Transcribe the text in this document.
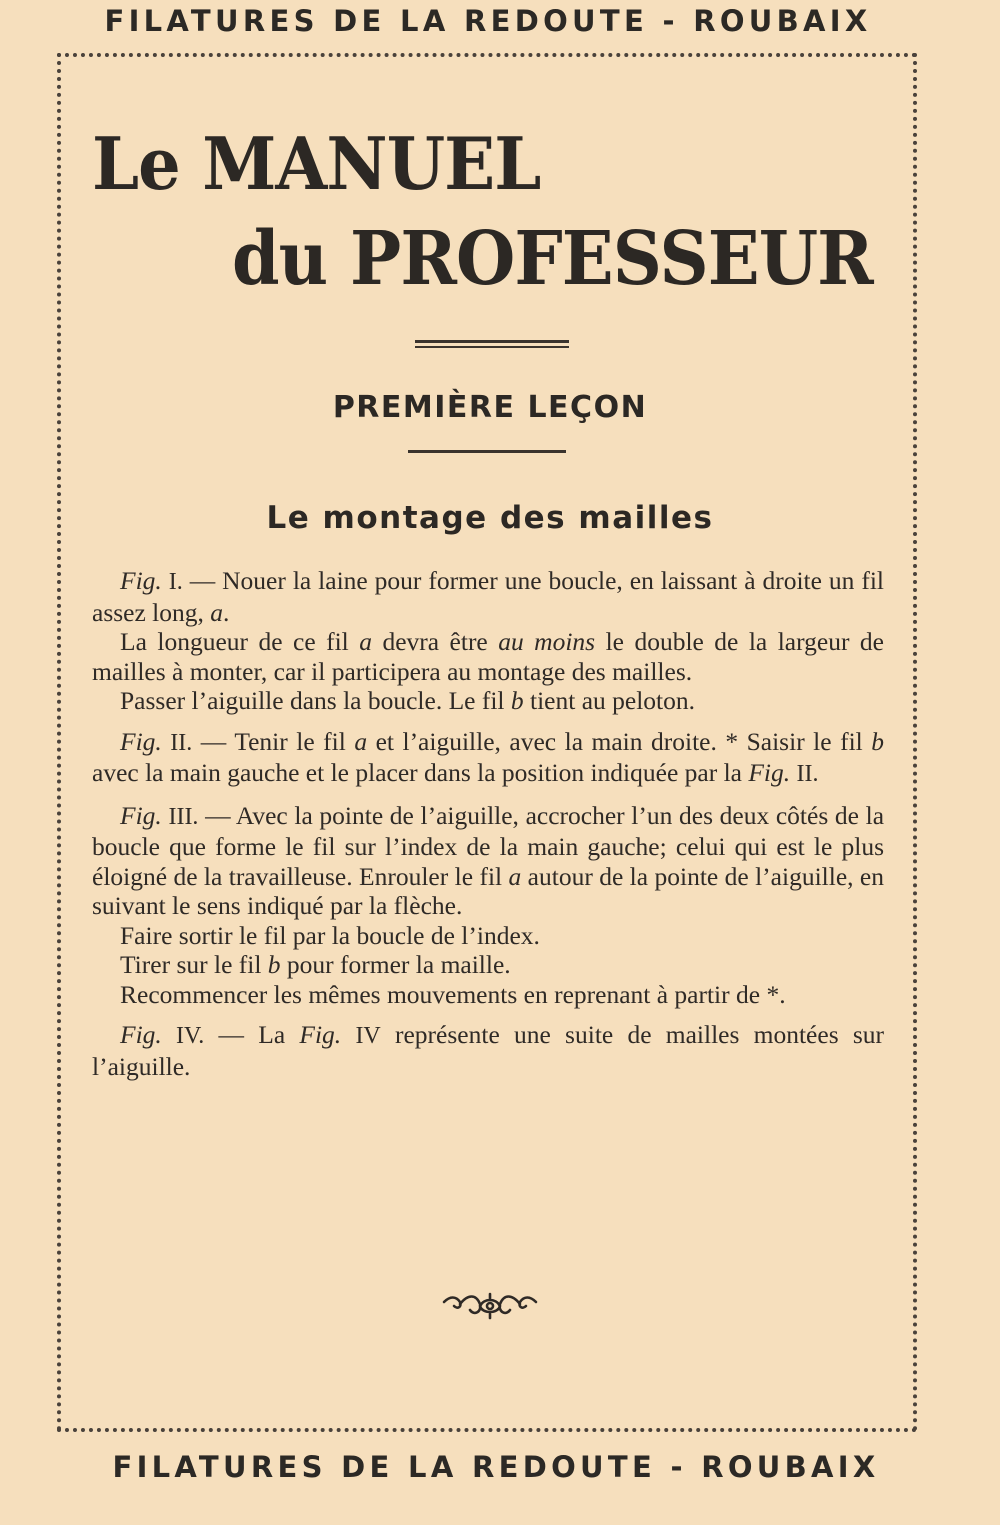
FILATURES DE LA REDOUTE - ROUBAIX
Le MANUEL
du PROFESSEUR
PREMIÈRE LEÇON
Le montage des mailles

Fig. I. — Nouer la laine pour former une boucle, en laissant à droite un fil assez long, a.

La longueur de ce fil a devra être au moins le double de la largeur de mailles à monter, car il participera au montage des mailles.

Passer l’aiguille dans la boucle. Le fil b tient au peloton.

Fig. II. — Tenir le fil a et l’aiguille, avec la main droite. * Saisir le fil b avec la main gauche et le placer dans la position indiquée par la Fig. II.

Fig. III. — Avec la pointe de l’aiguille, accrocher l’un des deux côtés de la boucle que forme le fil sur l’index de la main gauche; celui qui est le plus éloigné de la travailleuse. Enrouler le fil a autour de la pointe de l’aiguille, en suivant le sens indiqué par la flèche.

Faire sortir le fil par la boucle de l’index.

Tirer sur le fil b pour former la maille.

Recommencer les mêmes mouvements en reprenant à partir de *.

Fig. IV. — La Fig. IV représente une suite de mailles montées sur l’aiguille.

FILATURES DE LA REDOUTE - ROUBAIX
